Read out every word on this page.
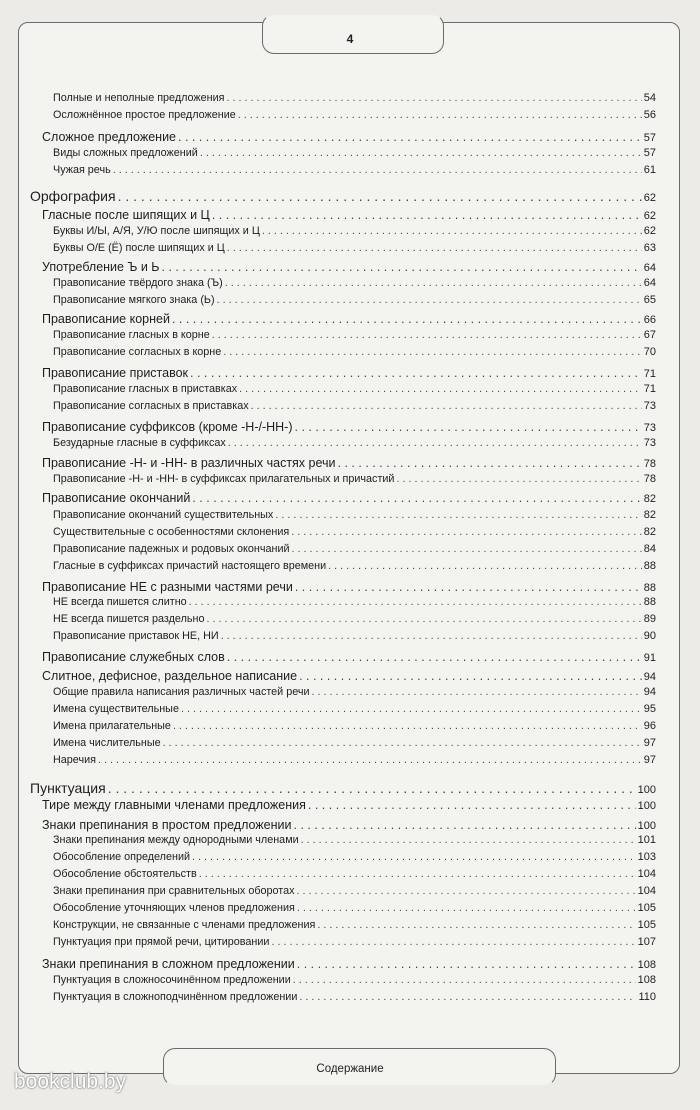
4
Содержание
Полные и неполные предложения . . .	54
Осложнённое простое предложение . . .	56
Сложное предложение . . .	57
Виды сложных предложений . . .	57
Чужая речь . . .	61
Орфография . . .	62
Гласные после шипящих и Ц . . .	62
Буквы И/Ы, А/Я, У/Ю после шипящих и Ц . . .	62
Буквы О/Е (Ё) после шипящих и Ц . . .	63
Употребление Ъ и Ь . . .	64
Правописание твёрдого знака (Ъ) . . .	64
Правописание мягкого знака (Ь) . . .	65
Правописание корней . . .	66
Правописание гласных в корне . . .	67
Правописание согласных в корне . . .	70
Правописание приставок . . .	71
Правописание гласных в приставках . . .	71
Правописание согласных в приставках . . .	73
Правописание суффиксов (кроме -Н-/-НН-) . . .	73
Безударные гласные в суффиксах . . .	73
Правописание -Н- и -НН- в различных частях речи . . .	78
Правописание -Н- и -НН- в суффиксах прилагательных и причастий . . .	78
Правописание окончаний . . .	82
Правописание окончаний существительных . . .	82
Существительные с особенностями склонения . . .	82
Правописание падежных и родовых окончаний . . .	84
Гласные в суффиксах причастий настоящего времени . . .	88
Правописание НЕ с разными частями речи . . .	88
НЕ всегда пишется слитно . . .	88
НЕ всегда пишется раздельно . . .	89
Правописание приставок НЕ, НИ . . .	90
Правописание служебных слов . . .	91
Слитное, дефисное, раздельное написание . . .	94
Общие правила написания различных частей речи . . .	94
Имена существительные . . .	95
Имена прилагательные . . .	96
Имена числительные . . .	97
Наречия . . .	97
Пунктуация . . .	100
Тире между главными членами предложения . . .	100
Знаки препинания в простом предложении . . .	100
Знаки препинания между однородными членами . . .	101
Обособление определений . . .	103
Обособление обстоятельств . . .	104
Знаки препинания при сравнительных оборотах . . .	104
Обособление уточняющих членов предложения . . .	105
Конструкции, не связанные с членами предложения . . .	105
Пунктуация при прямой речи, цитировании . . .	107
Знаки препинания в сложном предложении . . .	108
Пунктуация в сложносочинённом предложении . . .	108
Пунктуация в сложноподчинённом предложении . . .	110
bookclub.by
